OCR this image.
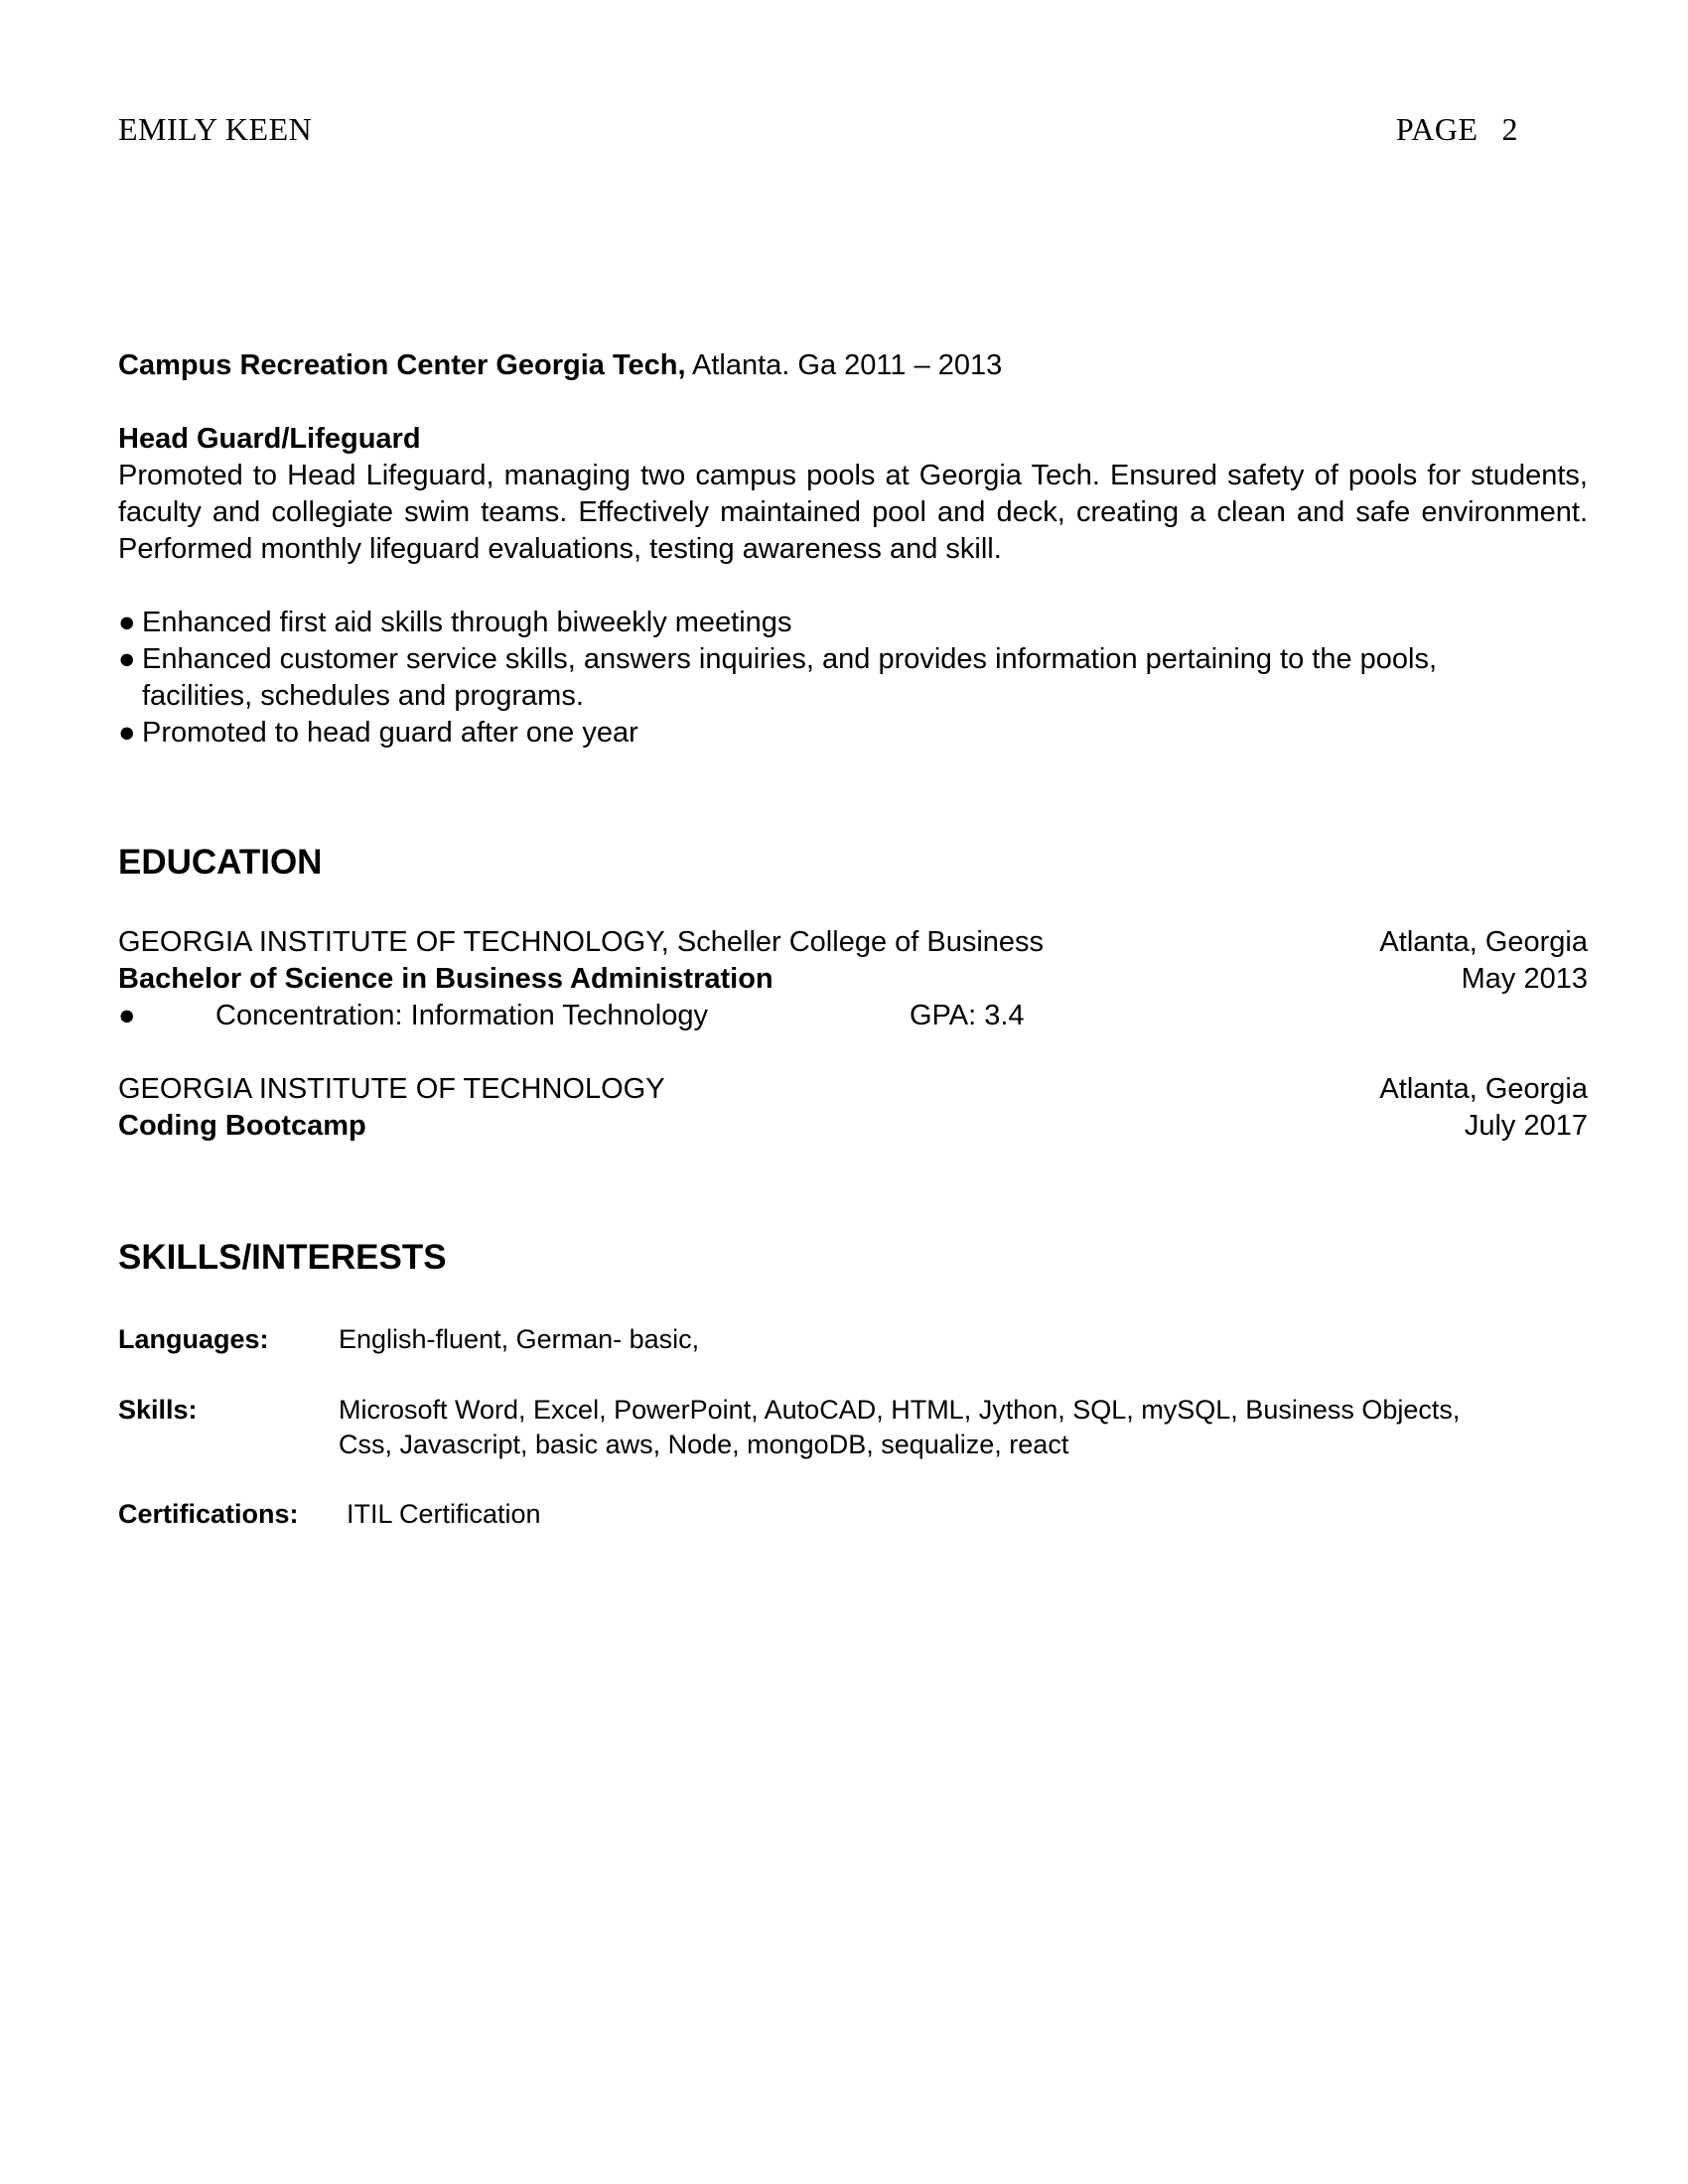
EMILY KEEN	PAGE 2

Campus Recreation Center Georgia Tech, Atlanta. Ga 2011 – 2013

Head Guard/Lifeguard

Promoted to Head Lifeguard, managing two campus pools at Georgia Tech. Ensured safety of pools for students, faculty and collegiate swim teams. Effectively maintained pool and deck, creating a clean and safe environment. Performed monthly lifeguard evaluations, testing awareness and skill.

● Enhanced first aid skills through biweekly meetings
● Enhanced customer service skills, answers inquiries, and provides information pertaining to the pools, facilities, schedules and programs.
● Promoted to head guard after one year
EDUCATION
GEORGIA INSTITUTE OF TECHNOLOGY, Scheller College of Business	Atlanta, Georgia
Bachelor of Science in Business Administration	May 2013
●	Concentration: Information Technology	GPA: 3.4
GEORGIA INSTITUTE OF TECHNOLOGY	Atlanta, Georgia
Coding Bootcamp	July 2017
SKILLS/INTERESTS
Languages:	English-fluent, German- basic,
Skills:	Microsoft Word, Excel, PowerPoint, AutoCAD, HTML, Jython, SQL, mySQL, Business Objects,
Css, Javascript, basic aws, Node, mongoDB, sequalize, react
Certifications: ITIL Certification
